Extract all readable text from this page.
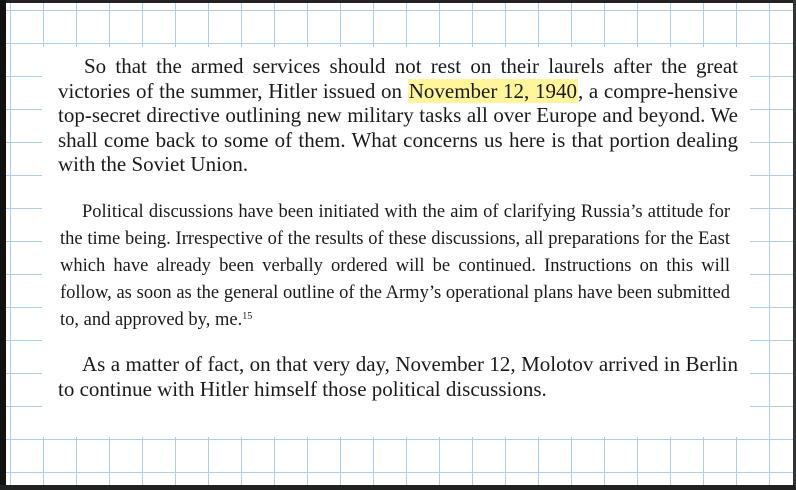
So that the armed services should not rest on their laurels after the great victories of the summer, Hitler issued on November 12, 1940, a compre-hensive top-secret directive outlining new military tasks all over Europe and beyond. We shall come back to some of them. What concerns us here is that portion dealing with the Soviet Union.

Political discussions have been initiated with the aim of clarifying Russia’s attitude for the time being. Irrespective of the results of these discussions, all preparations for the East which have already been verbally ordered will be continued. Instructions on this will follow, as soon as the general outline of the Army’s operational plans have been submitted to, and approved by, me.$^{15}$

As a matter of fact, on that very day, November 12, Molotov arrived in Berlin to continue with Hitler himself those political discussions.
